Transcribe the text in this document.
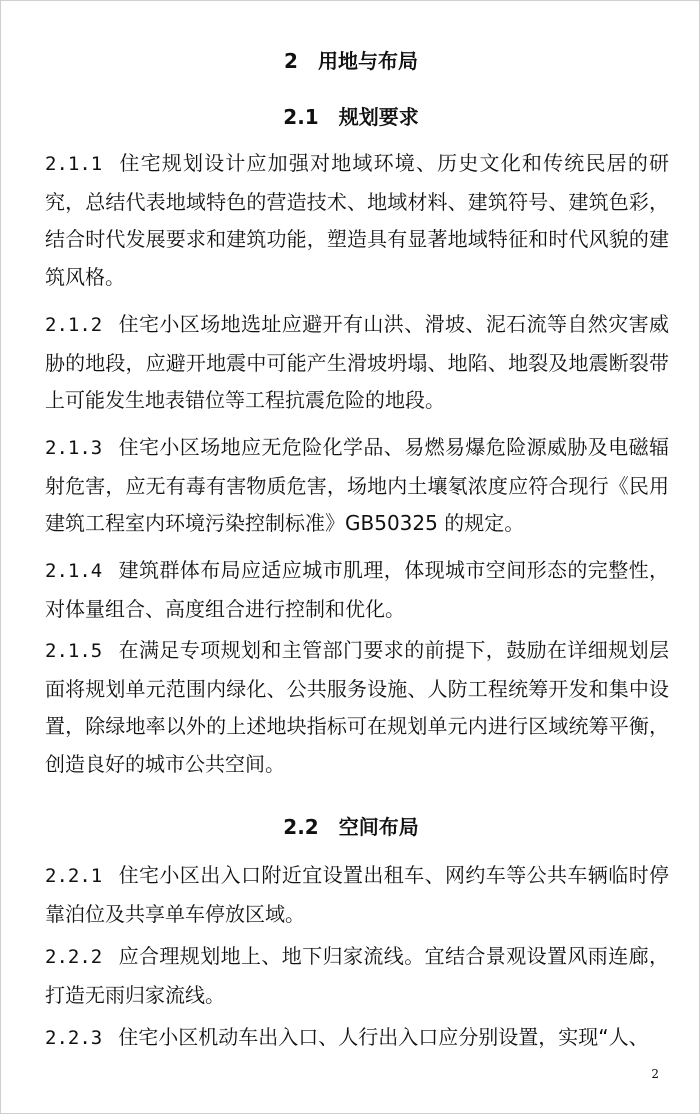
2　用地与布局
2.1　规划要求
2.1.1 住宅规划设计应加强对地域环境、历史文化和传统民居的研究，总结代表地域特色的营造技术、地域材料、建筑符号、建筑色彩，结合时代发展要求和建筑功能，塑造具有显著地域特征和时代风貌的建筑风格。
2.1.2 住宅小区场地选址应避开有山洪、滑坡、泥石流等自然灾害威胁的地段，应避开地震中可能产生滑坡坍塌、地陷、地裂及地震断裂带上可能发生地表错位等工程抗震危险的地段。
2.1.3 住宅小区场地应无危险化学品、易燃易爆危险源威胁及电磁辐射危害，应无有毒有害物质危害，场地内土壤氡浓度应符合现行《民用建筑工程室内环境污染控制标准》GB50325 的规定。
2.1.4 建筑群体布局应适应城市肌理，体现城市空间形态的完整性，对体量组合、高度组合进行控制和优化。
2.1.5 在满足专项规划和主管部门要求的前提下，鼓励在详细规划层面将规划单元范围内绿化、公共服务设施、人防工程统筹开发和集中设置，除绿地率以外的上述地块指标可在规划单元内进行区域统筹平衡，创造良好的城市公共空间。
2.2　空间布局
2.2.1 住宅小区出入口附近宜设置出租车、网约车等公共车辆临时停靠泊位及共享单车停放区域。
2.2.2 应合理规划地上、地下归家流线。宜结合景观设置风雨连廊，打造无雨归家流线。
2.2.3 住宅小区机动车出入口、人行出入口应分别设置，实现“人、
2
